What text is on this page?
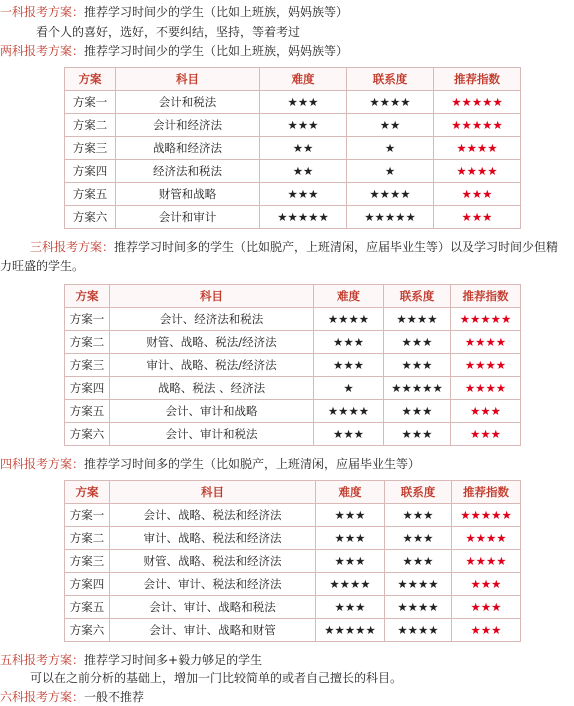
一科报考方案：推荐学习时间少的学生（比如上班族，妈妈族等）
看个人的喜好，选好，不要纠结，坚持，等着考过
两科报考方案：推荐学习时间少的学生（比如上班族，妈妈族等）
方案	科目	难度	联系度	推荐指数
方案一	会计和税法	★★★	★★★★	★★★★★
方案二	会计和经济法	★★★	★★	★★★★★
方案三	战略和经济法	★★	★	★★★★
方案四	经济法和税法	★★	★	★★★★
方案五	财管和战略	★★★	★★★★	★★★
方案六	会计和审计	★★★★★	★★★★★	★★★
三科报考方案：推荐学习时间多的学生（比如脱产，上班清闲，应届毕业生等）以及学习时间少但精力旺盛的学生。
方案	科目	难度	联系度	推荐指数
方案一	会计、经济法和税法	★★★★	★★★★	★★★★★
方案二	财管、战略、税法/经济法	★★★	★★★	★★★★
方案三	审计、战略、税法/经济法	★★★	★★★	★★★★
方案四	战略、税法 、经济法	★	★★★★★	★★★★
方案五	会计、审计和战略	★★★★	★★★	★★★
方案六	会计、审计和税法	★★★	★★★	★★★
四科报考方案：推荐学习时间多的学生（比如脱产，上班清闲，应届毕业生等）
方案	科目	难度	联系度	推荐指数
方案一	会计、战略、税法和经济法	★★★	★★★	★★★★★
方案二	审计、战略、税法和经济法	★★★	★★★	★★★★
方案三	财管、战略、税法和经济法	★★★	★★★	★★★★
方案四	会计、审计、税法和经济法	★★★★	★★★★	★★★
方案五	会计、审计、战略和税法	★★★	★★★★	★★★
方案六	会计、审计、战略和财管	★★★★★	★★★★	★★★
五科报考方案：推荐学习时间多+毅力够足的学生
可以在之前分析的基础上，增加一门比较简单的或者自己擅长的科目。
六科报考方案：一般不推荐
